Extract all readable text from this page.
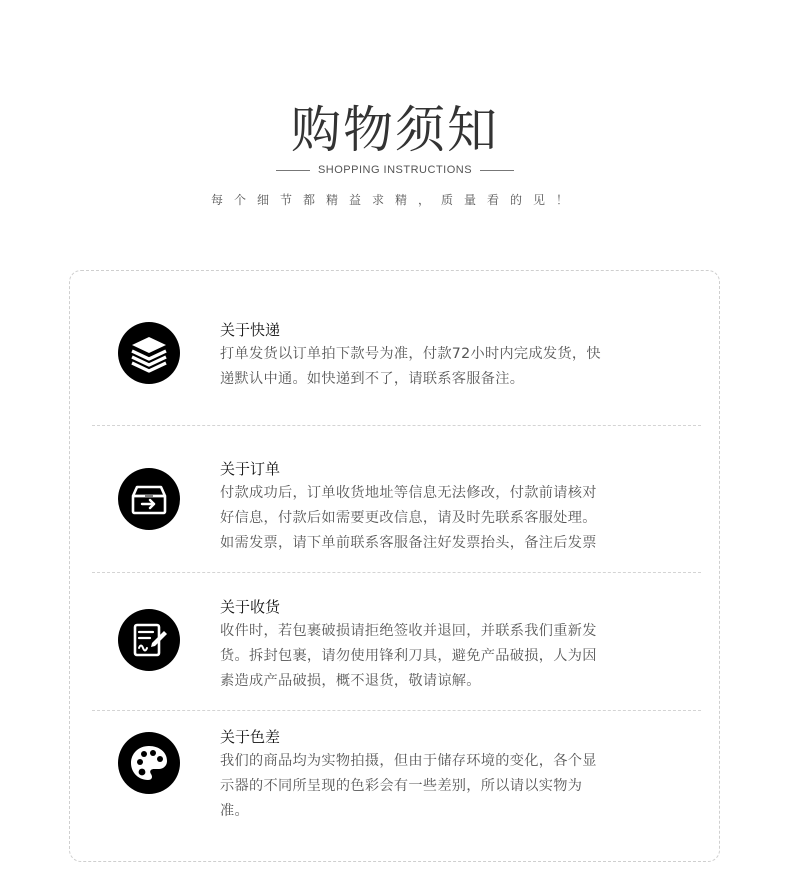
购物须知
SHOPPING INSTRUCTIONS
每个细节都精益求精，质量看的见！
关于快递
打单发货以订单拍下款号为准，付款72小时内完成发货，快
递默认中通。如快递到不了，请联系客服备注。
关于订单
付款成功后，订单收货地址等信息无法修改，付款前请核对
好信息，付款后如需要更改信息，请及时先联系客服处理。
如需发票，请下单前联系客服备注好发票抬头，备注后发票
关于收货
收件时，若包裹破损请拒绝签收并退回，并联系我们重新发
货。拆封包裹，请勿使用锋利刀具，避免产品破损，人为因
素造成产品破损，概不退货，敬请谅解。
关于色差
我们的商品均为实物拍摄，但由于储存环境的变化，各个显
示器的不同所呈现的色彩会有一些差别，所以请以实物为
准。
